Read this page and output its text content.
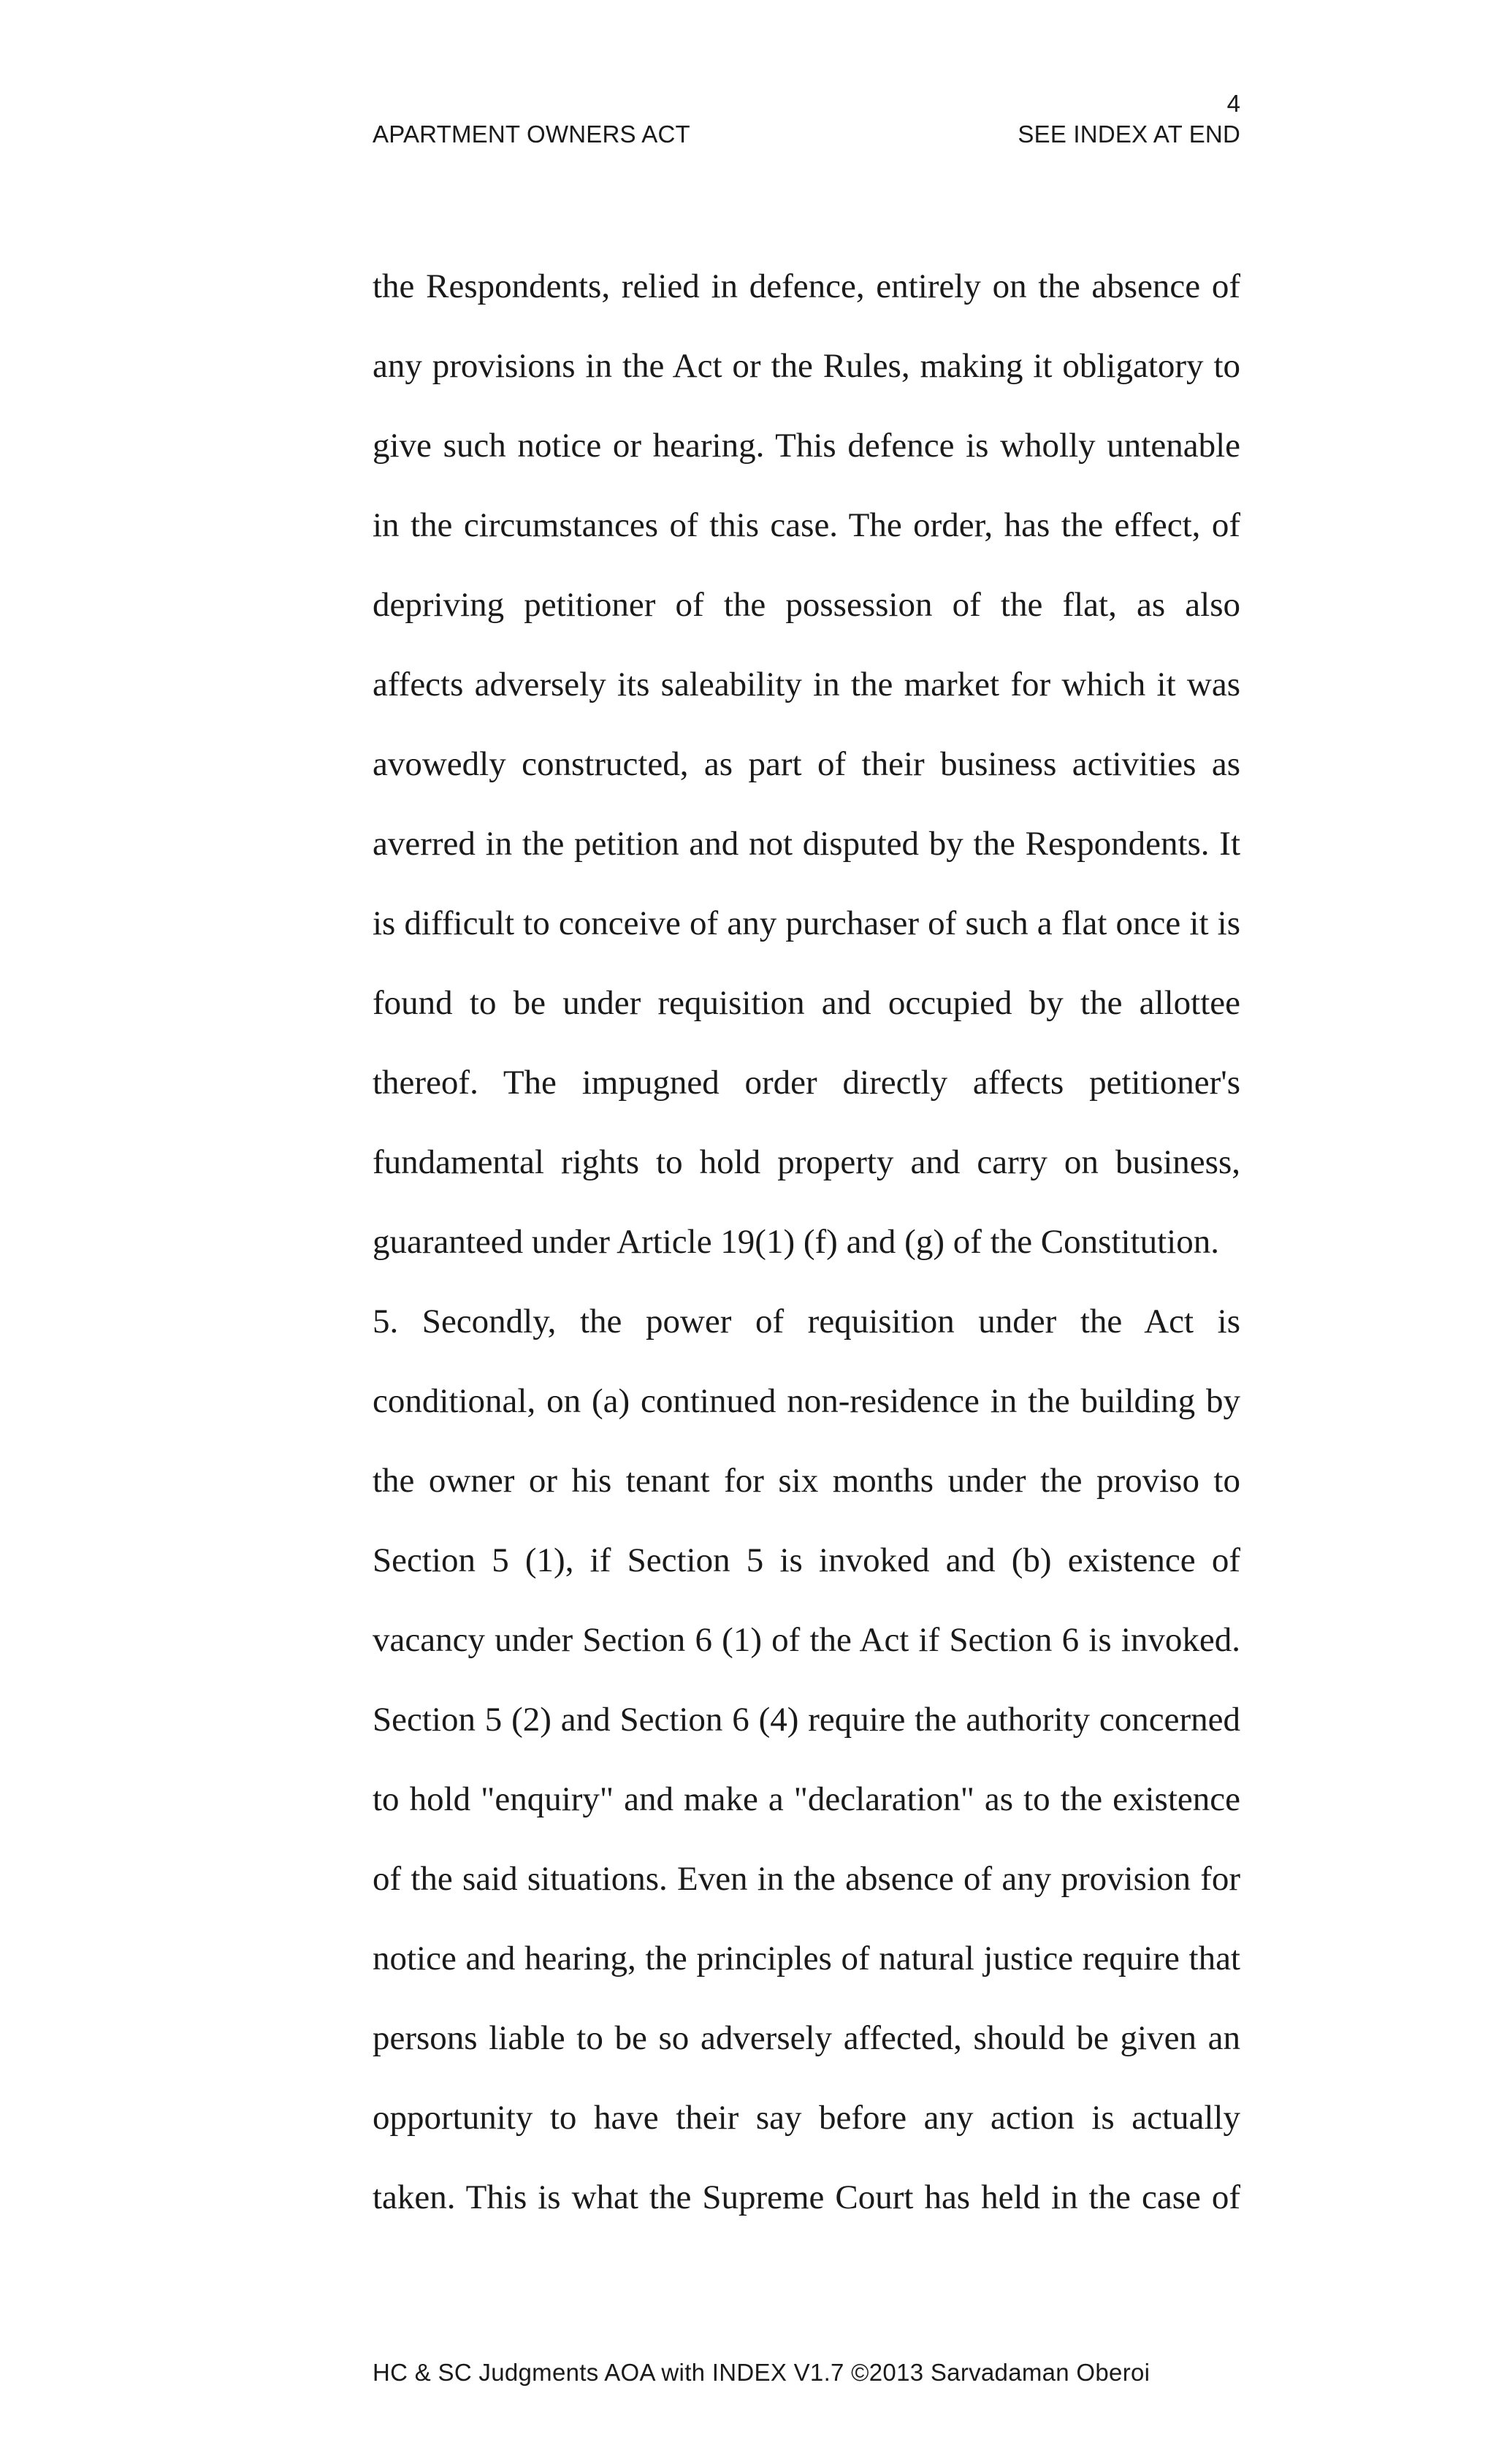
4
APARTMENT OWNERS ACT	SEE INDEX AT END
the Respondents, relied in defence, entirely on the absence of
any provisions in the Act or the Rules, making it obligatory to
give such notice or hearing. This defence is wholly untenable
in the circumstances of this case. The order, has the effect, of
depriving petitioner of the possession of the flat, as also
affects adversely its saleability in the market for which it was
avowedly constructed, as part of their business activities as
averred in the petition and not disputed by the Respondents. It
is difficult to conceive of any purchaser of such a flat once it is
found to be under requisition and occupied by the allottee
thereof. The impugned order directly affects petitioner's
fundamental rights to hold property and carry on business,
guaranteed under Article 19(1) (f) and (g) of the Constitution.
5. Secondly, the power of requisition under the Act is
conditional, on (a) continued non-residence in the building by
the owner or his tenant for six months under the proviso to
Section 5 (1), if Section 5 is invoked and (b) existence of
vacancy under Section 6 (1) of the Act if Section 6 is invoked.
Section 5 (2) and Section 6 (4) require the authority concerned
to hold "enquiry" and make a "declaration" as to the existence
of the said situations. Even in the absence of any provision for
notice and hearing, the principles of natural justice require that
persons liable to be so adversely affected, should be given an
opportunity to have their say before any action is actually
taken. This is what the Supreme Court has held in the case of
HC & SC Judgments AOA with INDEX V1.7 ©2013 Sarvadaman Oberoi
